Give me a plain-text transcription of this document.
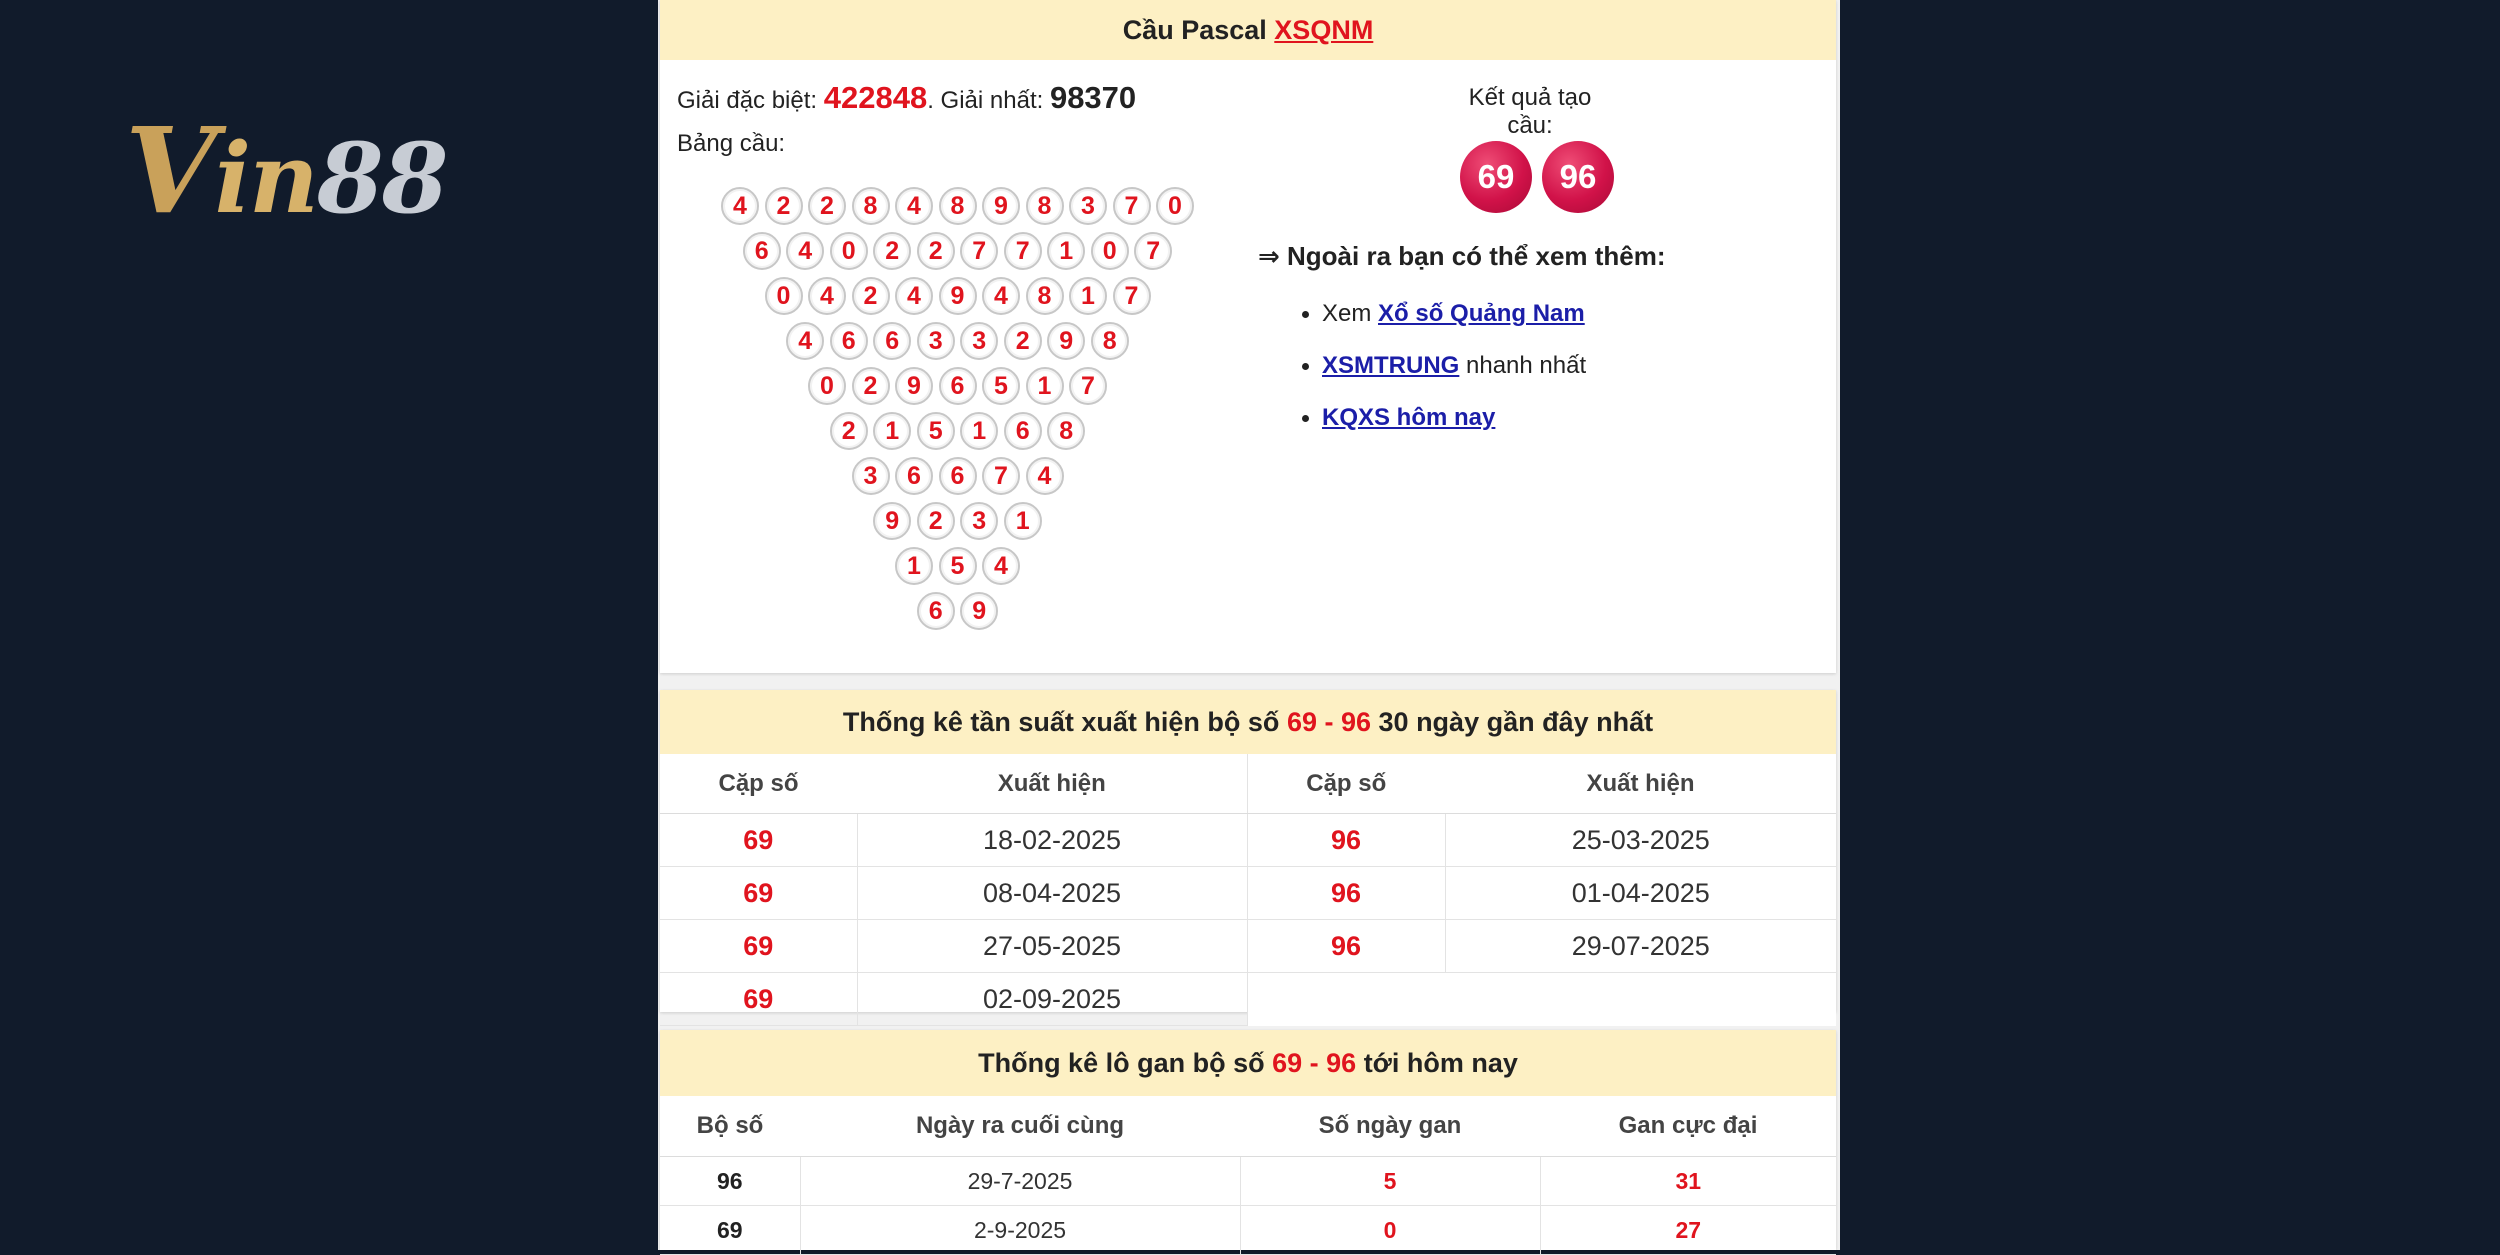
Vin88
Cầu Pascal XSQNM
Giải đặc biệt: 422848. Giải nhất: 98370
Bảng cầu:
4	2	2	8	4	8	9	8	3	7	0
6	4	0	2	2	7	7	1	0	7
0	4	2	4	9	4	8	1	7
4	6	6	3	3	2	9	8
0	2	9	6	5	1	7
2	1	5	1	6	8
3	6	6	7	4
9	2	3	1
1	5	4
6	9
Kết quả tạo cầu:
69	96
⇒ Ngoài ra bạn có thể xem thêm:
Xem Xổ số Quảng Nam
XSMTRUNG nhanh nhất
KQXS hôm nay
Thống kê tần suất xuất hiện bộ số 69 - 96 30 ngày gần đây nhất
Cặp số	Xuất hiện	Cặp số	Xuất hiện
69	18-02-2025	96	25-03-2025
69	08-04-2025	96	01-04-2025
69	27-05-2025	96	29-07-2025
69	02-09-2025		
Thống kê lô gan bộ số 69 - 96 tới hôm nay
Bộ số	Ngày ra cuối cùng	Số ngày gan	Gan cực đại
96	29-7-2025	5	31
69	2-9-2025	0	27
